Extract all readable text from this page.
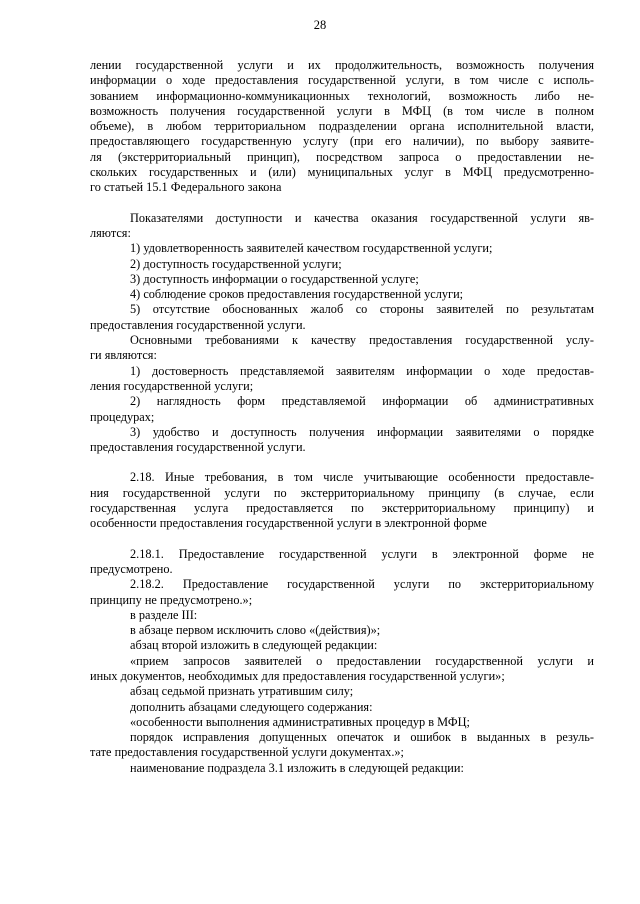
28
лении государственной услуги и их продолжительность, возможность получения
информации о ходе предоставления государственной услуги, в том числе с исполь-
зованием информационно-коммуникационных технологий, возможность либо не-
возможность получения государственной услуги в МФЦ (в том числе в полном
объеме), в любом территориальном подразделении органа исполнительной власти,
предоставляющего государственную услугу (при его наличии), по выбору заявите-
ля (экстерриториальный принцип), посредством запроса о предоставлении не-
скольких государственных и (или) муниципальных услуг в МФЦ предусмотренно-
го статьей 15.1 Федерального закона
Показателями доступности и качества оказания государственной услуги яв-
ляются:
1) удовлетворенность заявителей качеством государственной услуги;
2) доступность государственной услуги;
3) доступность информации о государственной услуге;
4) соблюдение сроков предоставления государственной услуги;
5) отсутствие обоснованных жалоб со стороны заявителей по результатам
предоставления государственной услуги.
Основными требованиями к качеству предоставления государственной услу-
ги являются:
1) достоверность представляемой заявителям информации о ходе предостав-
ления государственной услуги;
2) наглядность форм представляемой информации об административных
процедурах;
3) удобство и доступность получения информации заявителями о порядке
предоставления государственной услуги.
2.18. Иные требования, в том числе учитывающие особенности предоставле-
ния государственной услуги по экстерриториальному принципу (в случае, если
государственная услуга предоставляется по экстерриториальному принципу) и
особенности предоставления государственной услуги в электронной форме
2.18.1. Предоставление государственной услуги в электронной форме не
предусмотрено.
2.18.2. Предоставление государственной услуги по экстерриториальному
принципу не предусмотрено.»;
в разделе III:
в абзаце первом исключить слово «(действия)»;
абзац второй изложить в следующей редакции:
«прием запросов заявителей о предоставлении государственной услуги и
иных документов, необходимых для предоставления государственной услуги»;
абзац седьмой признать утратившим силу;
дополнить абзацами следующего содержания:
«особенности выполнения административных процедур в МФЦ;
порядок исправления допущенных опечаток и ошибок в выданных в резуль-
тате предоставления государственной услуги документах.»;
наименование подраздела 3.1 изложить в следующей редакции:
